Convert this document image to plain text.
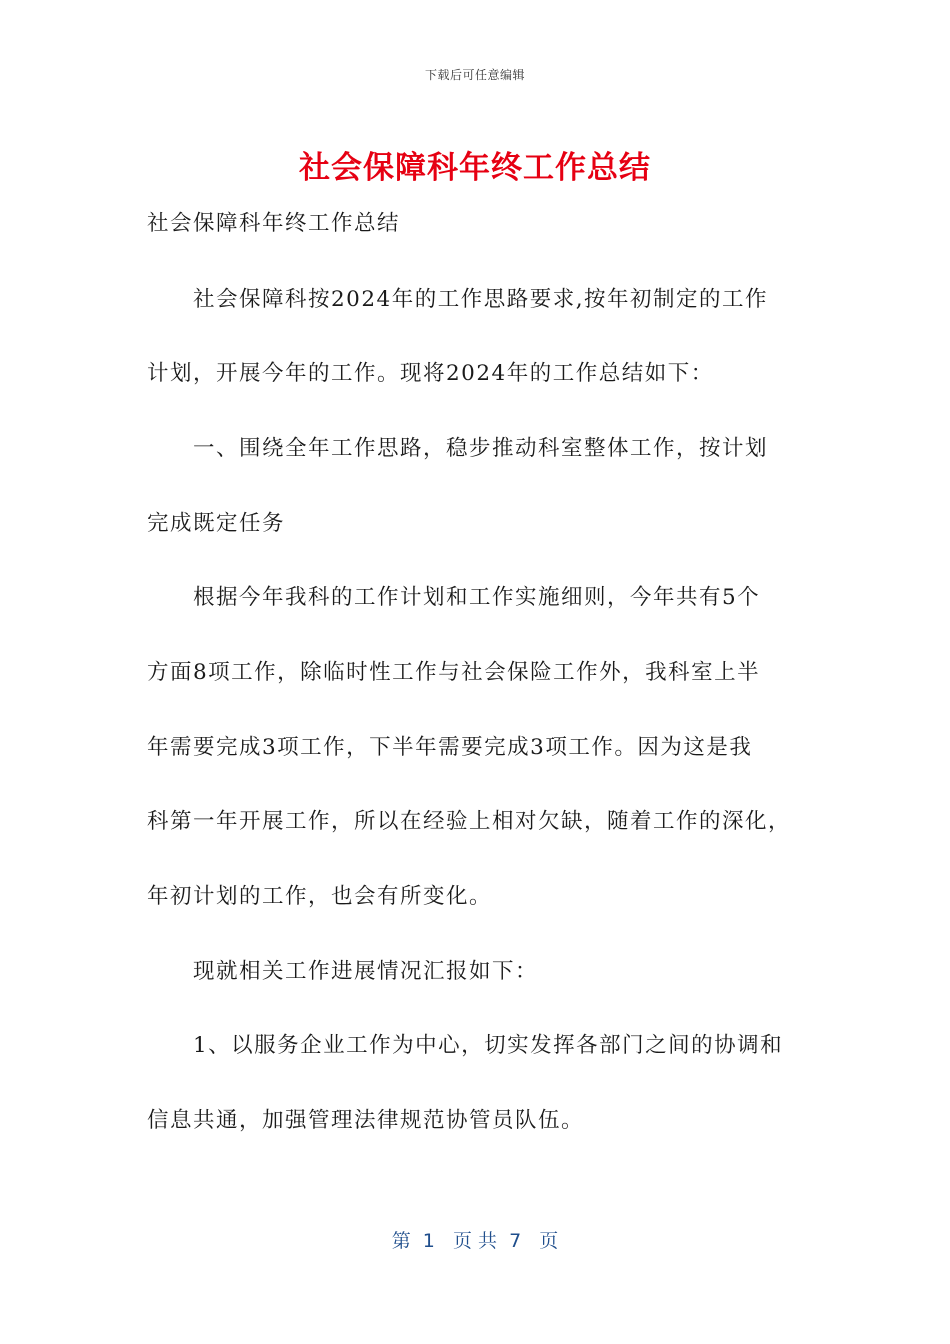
下载后可任意编辑
社会保障科年终工作总结
社会保障科年终工作总结
社会保障科按2024年的工作思路要求,按年初制定的工作
计划，开展今年的工作。现将2024年的工作总结如下：
一、围绕全年工作思路，稳步推动科室整体工作，按计划
完成既定任务
根据今年我科的工作计划和工作实施细则，今年共有5个
方面8项工作，除临时性工作与社会保险工作外，我科室上半
年需要完成3项工作，下半年需要完成3项工作。因为这是我
科第一年开展工作，所以在经验上相对欠缺，随着工作的深化，
年初计划的工作，也会有所变化。
现就相关工作进展情况汇报如下：
1、以服务企业工作为中心，切实发挥各部门之间的协调和
信息共通，加强管理法律规范协管员队伍。
第  1   页 共  7   页
